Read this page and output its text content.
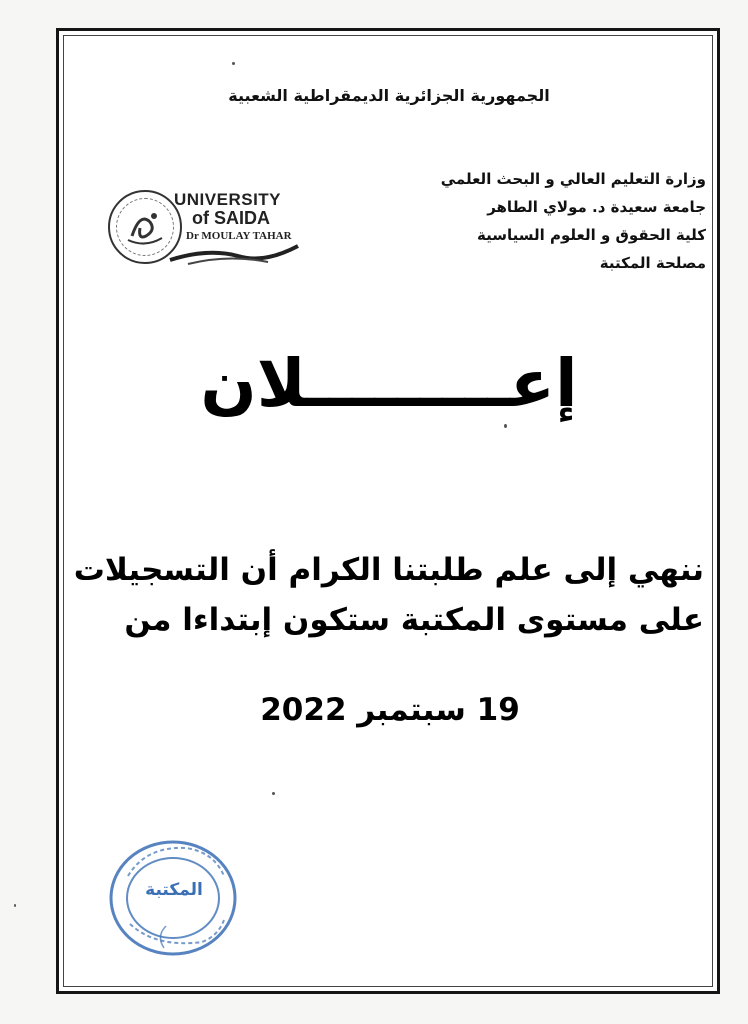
الجمهورية الجزائرية الديمقراطية الشعبية
وزارة التعليم العالي و البحث العلمي
جامعة سعيدة د. مولاي الطاهر
كلية الحقوق و العلوم السياسية
مصلحة المكتبة
UNIVERSITY
of SAIDA
Dr MOULAY TAHAR
إعـــــــــلان
ننهي إلى علم طلبتنا الكرام أن التسجيلات
على مستوى المكتبة ستكون إبتداءا من
19 سبتمبر 2022
المكتبة
